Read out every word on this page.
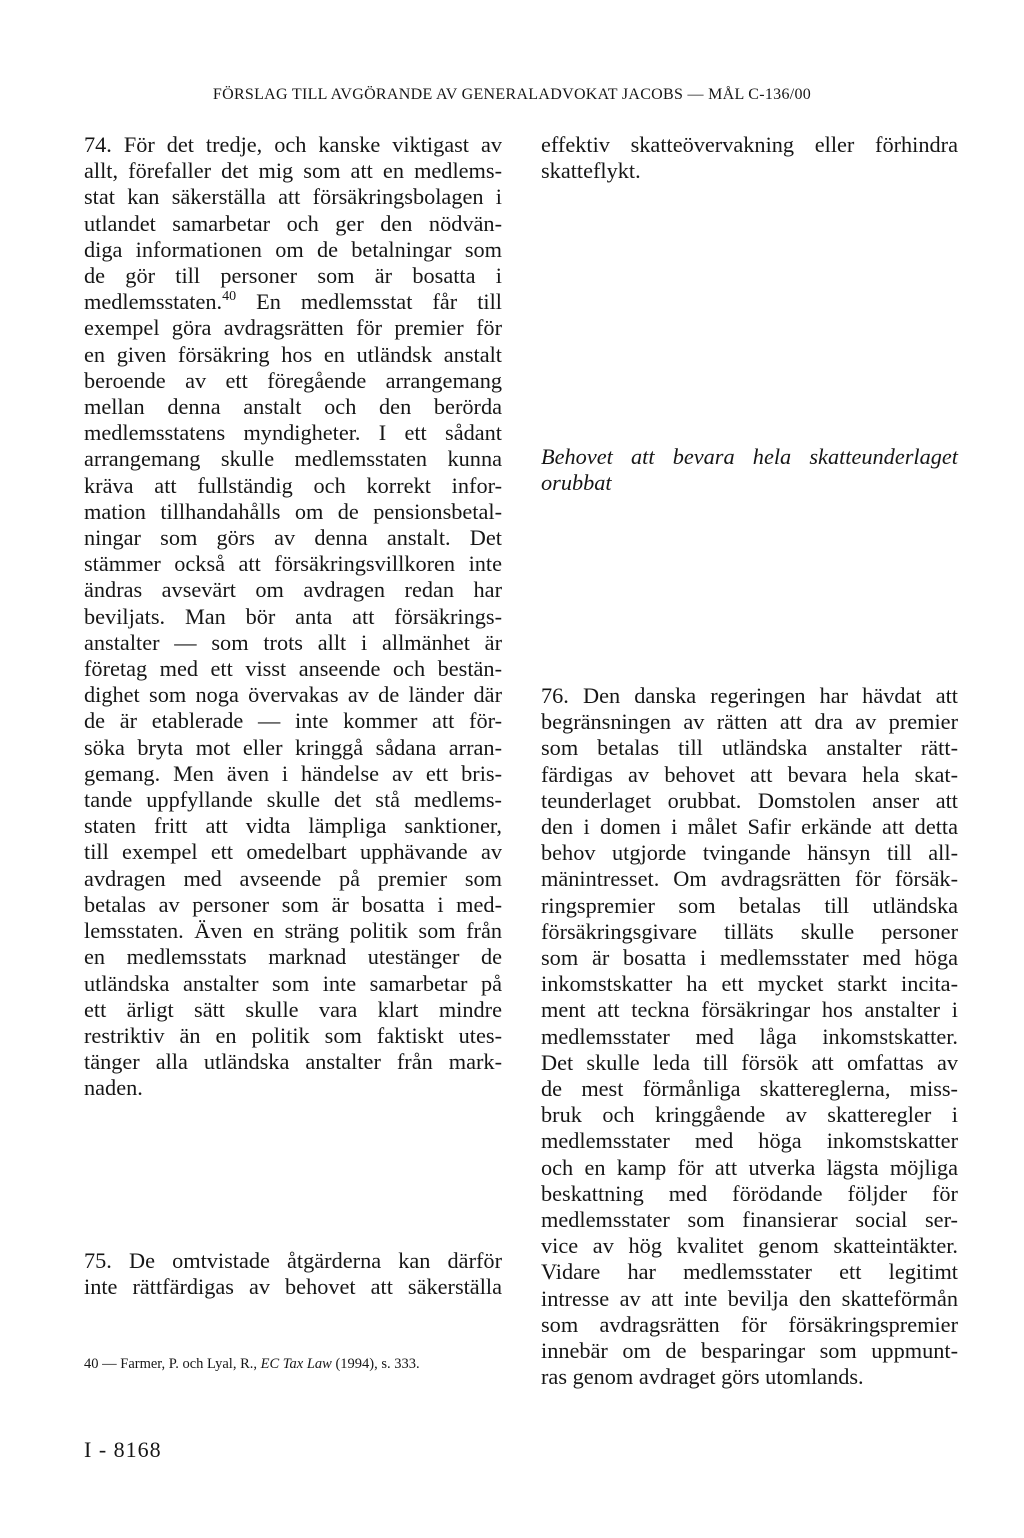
FÖRSLAG TILL AVGÖRANDE AV GENERALADVOKAT JACOBS — MÅL C-136/00
74. För det tredje, och kanske viktigast av
allt, förefaller det mig som att en medlems-
stat kan säkerställa att försäkringsbolagen i
utlandet samarbetar och ger den nödvän-
diga informationen om de betalningar som
de gör till personer som är bosatta i
medlemsstaten.$^{40}$ En medlemsstat får till
exempel göra avdragsrätten för premier för
en given försäkring hos en utländsk anstalt
beroende av ett föregående arrangemang
mellan denna anstalt och den berörda
medlemsstatens myndigheter. I ett sådant
arrangemang skulle medlemsstaten kunna
kräva att fullständig och korrekt infor-
mation tillhandahålls om de pensionsbetal-
ningar som görs av denna anstalt. Det
stämmer också att försäkringsvillkoren inte
ändras avsevärt om avdragen redan har
beviljats. Man bör anta att försäkrings-
anstalter — som trots allt i allmänhet är
företag med ett visst anseende och bestän-
dighet som noga övervakas av de länder där
de är etablerade — inte kommer att för-
söka bryta mot eller kringgå sådana arran-
gemang. Men även i händelse av ett bris-
tande uppfyllande skulle det stå medlems-
staten fritt att vidta lämpliga sanktioner,
till exempel ett omedelbart upphävande av
avdragen med avseende på premier som
betalas av personer som är bosatta i med-
lemsstaten. Även en sträng politik som från
en medlemsstats marknad utestänger de
utländska anstalter som inte samarbetar på
ett ärligt sätt skulle vara klart mindre
restriktiv än en politik som faktiskt utes-
tänger alla utländska anstalter från mark-
naden.
75. De omtvistade åtgärderna kan därför
inte rättfärdigas av behovet att säkerställa
effektiv skatteövervakning eller förhindra
skatteflykt.
Behovet att bevara hela skatteunderlaget
orubbat
76. Den danska regeringen har hävdat att
begränsningen av rätten att dra av premier
som betalas till utländska anstalter rätt-
färdigas av behovet att bevara hela skat-
teunderlaget orubbat. Domstolen anser att
den i domen i målet Safir erkände att detta
behov utgjorde tvingande hänsyn till all-
mänintresset. Om avdragsrätten för försäk-
ringspremier som betalas till utländska
försäkringsgivare tilläts skulle personer
som är bosatta i medlemsstater med höga
inkomstskatter ha ett mycket starkt incita-
ment att teckna försäkringar hos anstalter i
medlemsstater med låga inkomstskatter.
Det skulle leda till försök att omfattas av
de mest förmånliga skattereglerna, miss-
bruk och kringgående av skatteregler i
medlemsstater med höga inkomstskatter
och en kamp för att utverka lägsta möjliga
beskattning med förödande följder för
medlemsstater som finansierar social ser-
vice av hög kvalitet genom skatteintäkter.
Vidare har medlemsstater ett legitimt
intresse av att inte bevilja den skatteförmån
som avdragsrätten för försäkringspremier
innebär om de besparingar som uppmunt-
ras genom avdraget görs utomlands.
40 — Farmer, P. och Lyal, R., EC Tax Law (1994), s. 333.
I - 8168
